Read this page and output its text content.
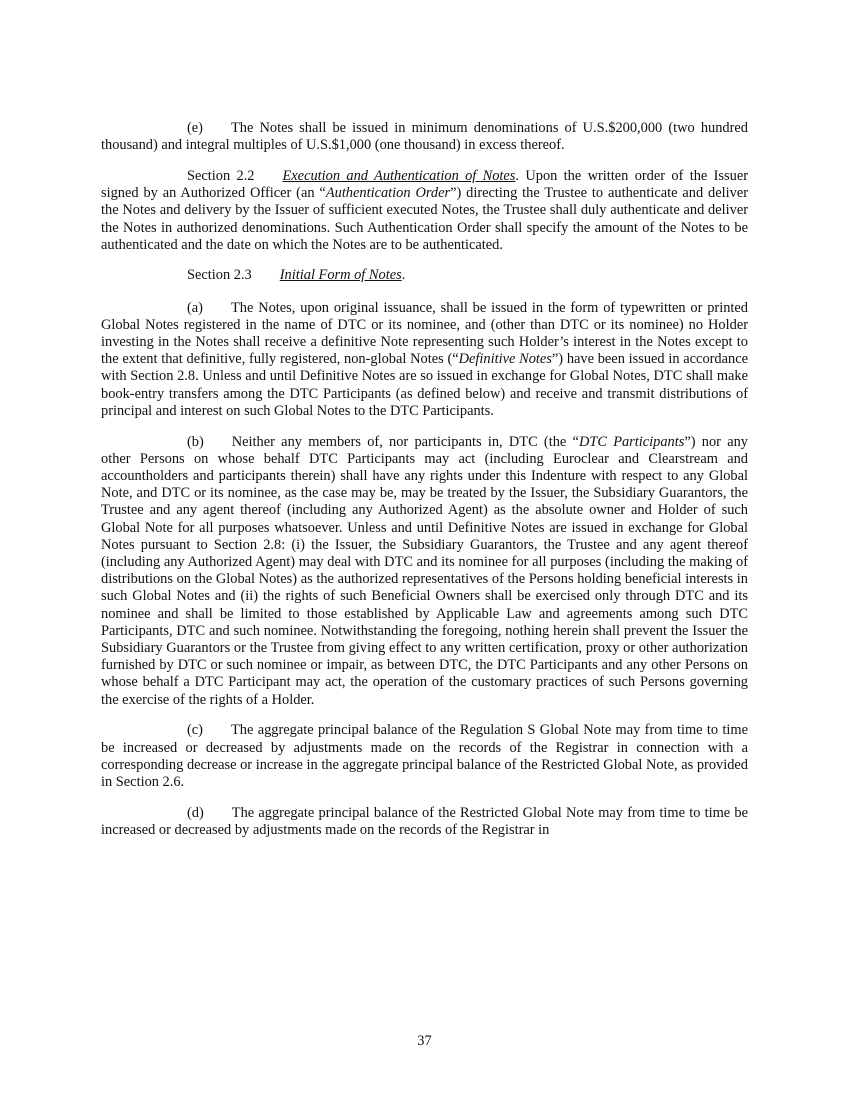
(e) The Notes shall be issued in minimum denominations of U.S.$200,000 (two hundred thousand) and integral multiples of U.S.$1,000 (one thousand) in excess thereof.

Section 2.2 Execution and Authentication of Notes. Upon the written order of the Issuer signed by an Authorized Officer (an “Authentication Order”) directing the Trustee to authenticate and deliver the Notes and delivery by the Issuer of sufficient executed Notes, the Trustee shall duly authenticate and deliver the Notes in authorized denominations. Such Authentication Order shall specify the amount of the Notes to be authenticated and the date on which the Notes are to be authenticated.

Section 2.3 Initial Form of Notes.

(a) The Notes, upon original issuance, shall be issued in the form of typewritten or printed Global Notes registered in the name of DTC or its nominee, and (other than DTC or its nominee) no Holder investing in the Notes shall receive a definitive Note representing such Holder’s interest in the Notes except to the extent that definitive, fully registered, non-global Notes (“Definitive Notes”) have been issued in accordance with Section 2.8. Unless and until Definitive Notes are so issued in exchange for Global Notes, DTC shall make book-entry transfers among the DTC Participants (as defined below) and receive and transmit distributions of principal and interest on such Global Notes to the DTC Participants.

(b) Neither any members of, nor participants in, DTC (the “DTC Participants”) nor any other Persons on whose behalf DTC Participants may act (including Euroclear and Clearstream and accountholders and participants therein) shall have any rights under this Indenture with respect to any Global Note, and DTC or its nominee, as the case may be, may be treated by the Issuer, the Subsidiary Guarantors, the Trustee and any agent thereof (including any Authorized Agent) as the absolute owner and Holder of such Global Note for all purposes whatsoever. Unless and until Definitive Notes are issued in exchange for Global Notes pursuant to Section 2.8: (i) the Issuer, the Subsidiary Guarantors, the Trustee and any agent thereof (including any Authorized Agent) may deal with DTC and its nominee for all purposes (including the making of distributions on the Global Notes) as the authorized representatives of the Persons holding beneficial interests in such Global Notes and (ii) the rights of such Beneficial Owners shall be exercised only through DTC and its nominee and shall be limited to those established by Applicable Law and agreements among such DTC Participants, DTC and such nominee. Notwithstanding the foregoing, nothing herein shall prevent the Issuer the Subsidiary Guarantors or the Trustee from giving effect to any written certification, proxy or other authorization furnished by DTC or such nominee or impair, as between DTC, the DTC Participants and any other Persons on whose behalf a DTC Participant may act, the operation of the customary practices of such Persons governing the exercise of the rights of a Holder.

(c) The aggregate principal balance of the Regulation S Global Note may from time to time be increased or decreased by adjustments made on the records of the Registrar in connection with a corresponding decrease or increase in the aggregate principal balance of the Restricted Global Note, as provided in Section 2.6.

(d) The aggregate principal balance of the Restricted Global Note may from time to time be increased or decreased by adjustments made on the records of the Registrar in

37
